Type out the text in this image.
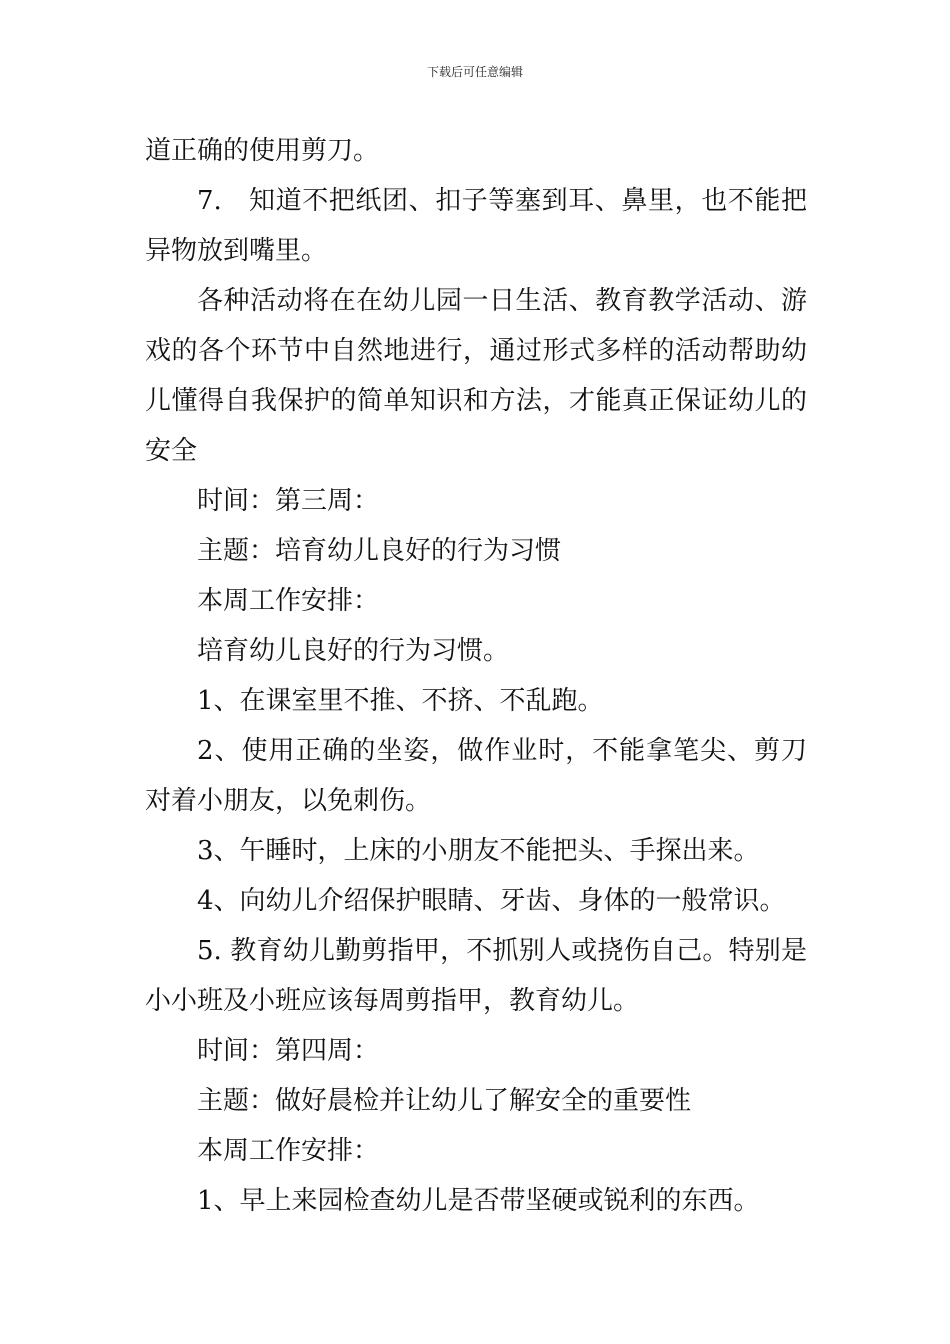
下载后可任意编辑

道正确的使用剪刀。

7.　知道不把纸团、扣子等塞到耳、鼻里，也不能把异物放到嘴里。

各种活动将在在幼儿园一日生活、教育教学活动、游戏的各个环节中自然地进行，通过形式多样的活动帮助幼儿懂得自我保护的简单知识和方法，才能真正保证幼儿的安全

时间：第三周：

主题：培育幼儿良好的行为习惯

本周工作安排：

培育幼儿良好的行为习惯。

1、在课室里不推、不挤、不乱跑。

2、使用正确的坐姿，做作业时，不能拿笔尖、剪刀对着小朋友，以免刺伤。

3、午睡时，上床的小朋友不能把头、手探出来。

4、向幼儿介绍保护眼睛、牙齿、身体的一般常识。

5. 教育幼儿勤剪指甲，不抓别人或挠伤自己。特别是小小班及小班应该每周剪指甲，教育幼儿。

时间：第四周：

主题：做好晨检并让幼儿了解安全的重要性

本周工作安排：

1、早上来园检查幼儿是否带坚硬或锐利的东西。
